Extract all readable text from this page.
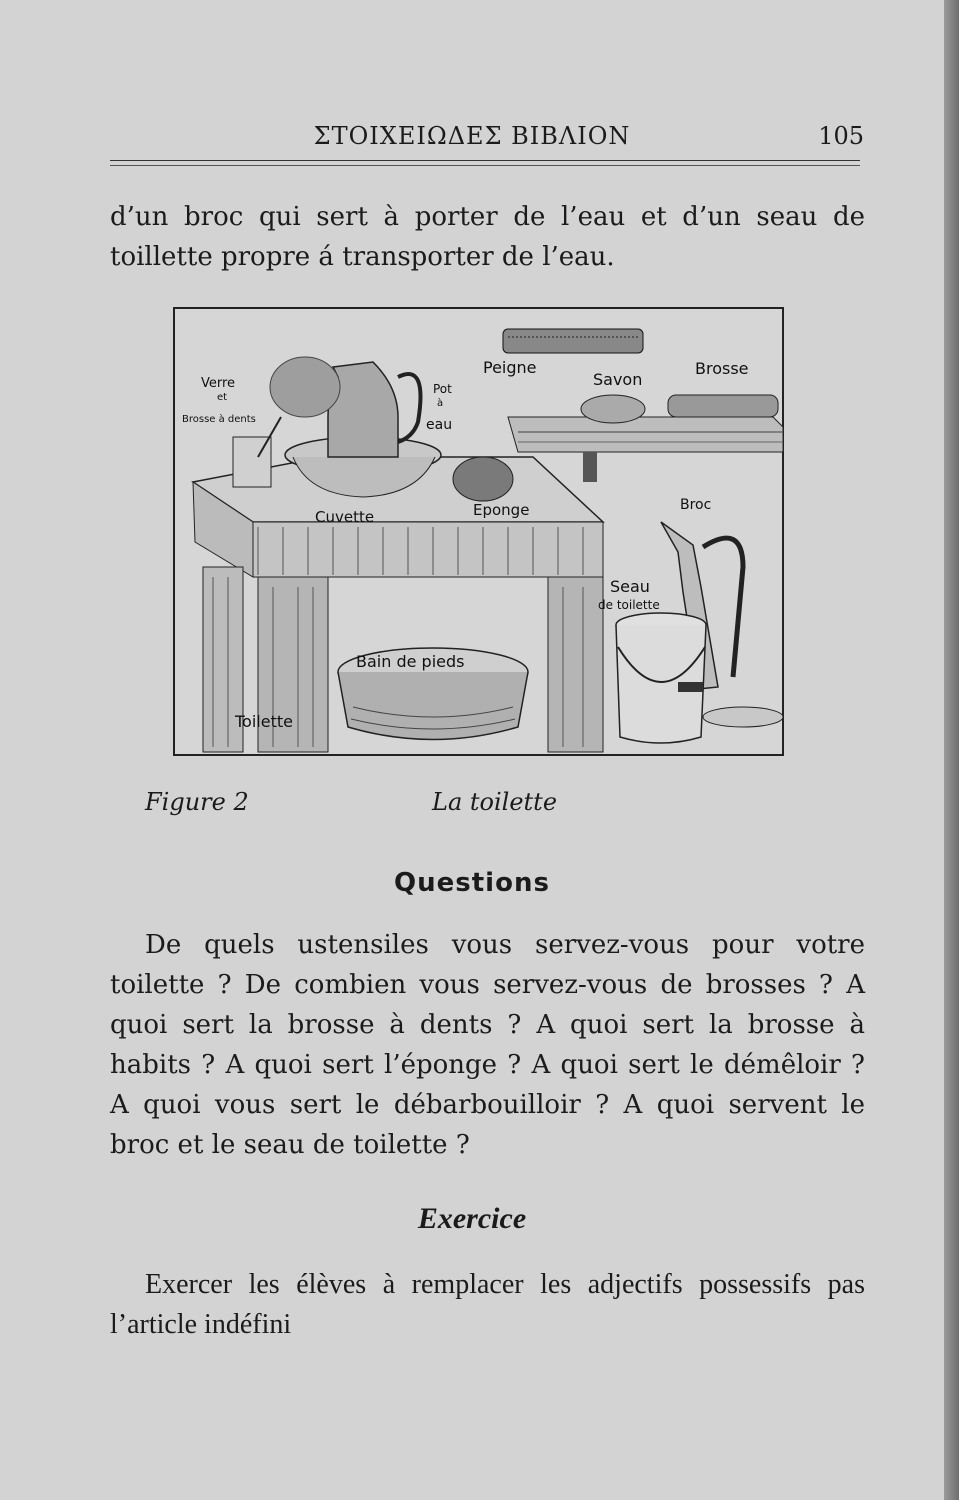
ΣΤΟΙΧΕΙΩΔΕΣ ΒΙΒΛΙΟΝ	105

d’un broc qui sert à porter de l’eau et d’un seau de
toillette propre á transporter de l’eau.

Verre
et
Brosse à dents
Pot
à
eau
Peigne
Savon
Brosse
Broc
Cuvette	Eponge
Seau
de toilette
Bain de pieds
Toilette
Figure 2	La toilette
Questions

De quels ustensiles vous servez-vous pour votre toilette ? De combien vous servez-vous de brosses ? A quoi sert la brosse à dents ? A quoi sert la brosse à habits ? A quoi sert l’éponge ? A quoi sert le démêloir ? A quoi vous sert le débarbouilloir ? A quoi servent le broc et le seau de toilette ?

Exercice

Exercer les élèves à remplacer les adjectifs possessifs pas l’article indéfini
